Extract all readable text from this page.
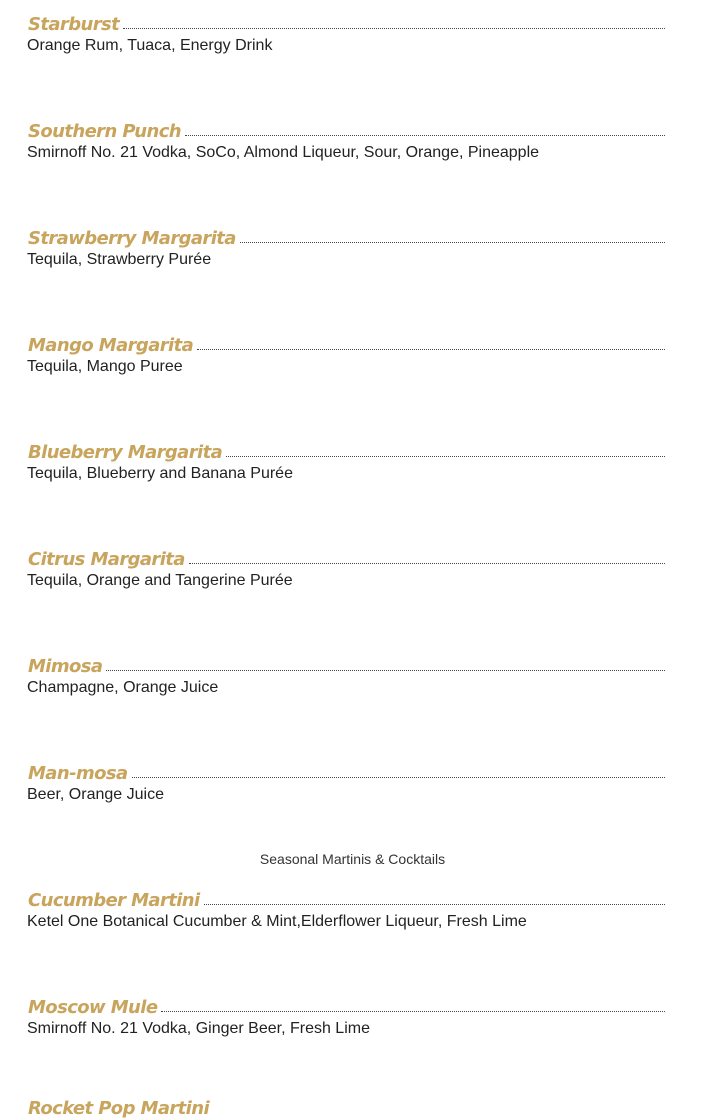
Starburst
Orange Rum, Tuaca, Energy Drink
Southern Punch
Smirnoff No. 21 Vodka, SoCo, Almond Liqueur, Sour, Orange, Pineapple
Strawberry Margarita
Tequila, Strawberry Purée
Mango Margarita
Tequila, Mango Puree
Blueberry Margarita
Tequila, Blueberry and Banana Purée
Citrus Margarita
Tequila, Orange and Tangerine Purée
Mimosa
Champagne, Orange Juice
Man-mosa
Beer, Orange Juice
Seasonal Martinis & Cocktails
Cucumber Martini
Ketel One Botanical Cucumber & Mint,Elderflower Liqueur, Fresh Lime
Moscow Mule
Smirnoff No. 21 Vodka, Ginger Beer, Fresh Lime
Rocket Pop Martini
